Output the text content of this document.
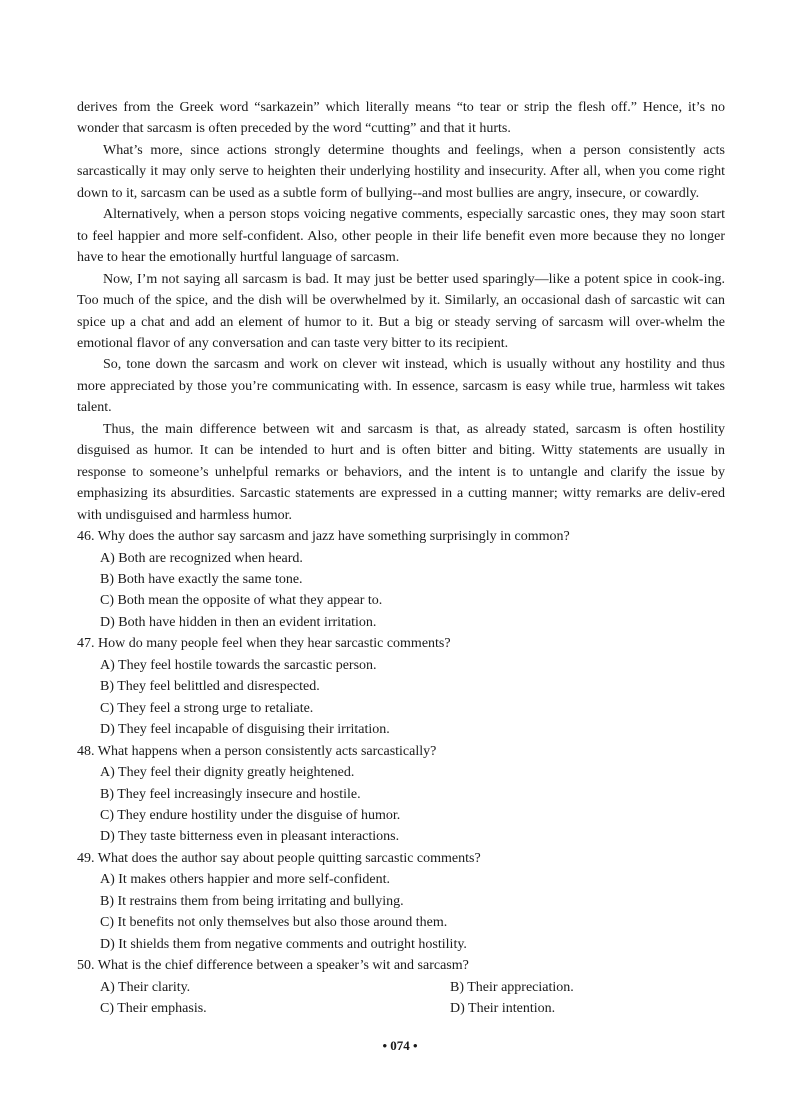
derives from the Greek word “sarkazein” which literally means “to tear or strip the flesh off.” Hence, it’s no wonder that sarcasm is often preceded by the word “cutting” and that it hurts.

What’s more, since actions strongly determine thoughts and feelings, when a person consistently acts sarcastically it may only serve to heighten their underlying hostility and insecurity. After all, when you come right down to it, sarcasm can be used as a subtle form of bullying--and most bullies are angry, insecure, or cowardly.

Alternatively, when a person stops voicing negative comments, especially sarcastic ones, they may soon start to feel happier and more self-confident. Also, other people in their life benefit even more because they no longer have to hear the emotionally hurtful language of sarcasm.

Now, I’m not saying all sarcasm is bad. It may just be better used sparingly—like a potent spice in cook-ing. Too much of the spice, and the dish will be overwhelmed by it. Similarly, an occasional dash of sarcastic wit can spice up a chat and add an element of humor to it. But a big or steady serving of sarcasm will over-whelm the emotional flavor of any conversation and can taste very bitter to its recipient.

So, tone down the sarcasm and work on clever wit instead, which is usually without any hostility and thus more appreciated by those you’re communicating with. In essence, sarcasm is easy while true, harmless wit takes talent.

Thus, the main difference between wit and sarcasm is that, as already stated, sarcasm is often hostility disguised as humor. It can be intended to hurt and is often bitter and biting. Witty statements are usually in response to someone’s unhelpful remarks or behaviors, and the intent is to untangle and clarify the issue by emphasizing its absurdities. Sarcastic statements are expressed in a cutting manner; witty remarks are deliv-ered with undisguised and harmless humor.

46. Why does the author say sarcasm and jazz have something surprisingly in common?
A) Both are recognized when heard.
B) Both have exactly the same tone.
C) Both mean the opposite of what they appear to.
D) Both have hidden in then an evident irritation.
47. How do many people feel when they hear sarcastic comments?
A) They feel hostile towards the sarcastic person.
B) They feel belittled and disrespected.
C) They feel a strong urge to retaliate.
D) They feel incapable of disguising their irritation.
48. What happens when a person consistently acts sarcastically?
A) They feel their dignity greatly heightened.
B) They feel increasingly insecure and hostile.
C) They endure hostility under the disguise of humor.
D) They taste bitterness even in pleasant interactions.
49. What does the author say about people quitting sarcastic comments?
A) It makes others happier and more self-confident.
B) It restrains them from being irritating and bullying.
C) It benefits not only themselves but also those around them.
D) It shields them from negative comments and outright hostility.
50. What is the chief difference between a speaker’s wit and sarcasm?
A) Their clarity.	B) Their appreciation.
C) Their emphasis.	D) Their intention.
• 074 •
